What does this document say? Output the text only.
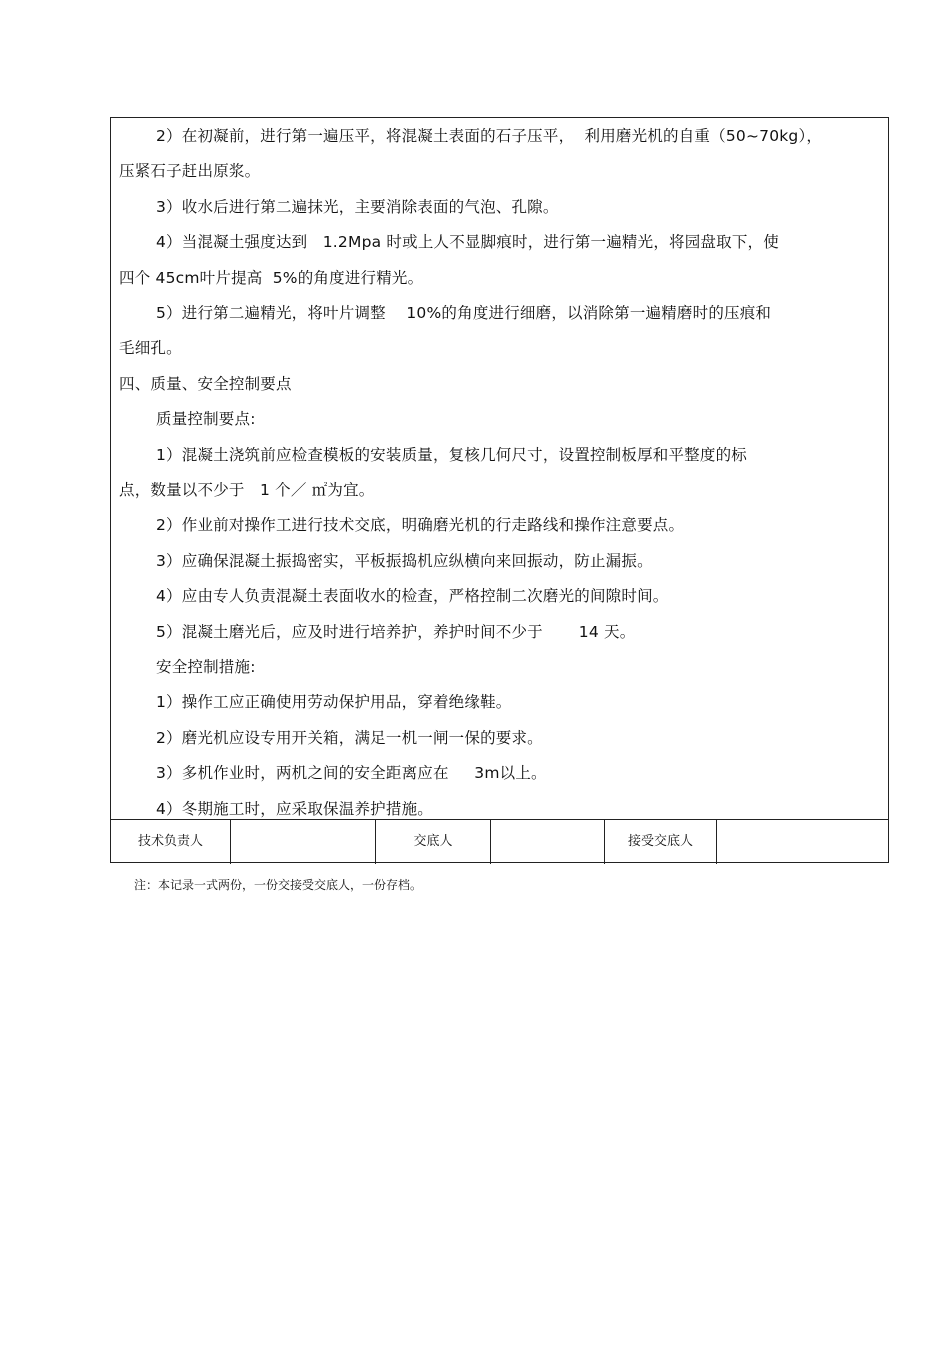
2）在初凝前，进行第一遍压平，将混凝土表面的石子压平，  利用磨光机的自重（50~70kg），
压紧石子赶出原浆。
3）收水后进行第二遍抹光，主要消除表面的气泡、孔隙。
4）当混凝土强度达到   1.2Mpa 时或上人不显脚痕时，进行第一遍精光，将园盘取下，使
四个 45cm叶片提高  5%的角度进行精光。
5）进行第二遍精光，将叶片调整    10%的角度进行细磨，以消除第一遍精磨时的压痕和
毛细孔。
四、质量、安全控制要点
质量控制要点:
1）混凝土浇筑前应检查模板的安装质量，复核几何尺寸，设置控制板厚和平整度的标
点，数量以不少于   1 个／ ㎡为宜。
2）作业前对操作工进行技术交底，明确磨光机的行走路线和操作注意要点。
3）应确保混凝土振捣密实，平板振捣机应纵横向来回振动，防止漏振。
4）应由专人负责混凝土表面收水的检查，严格控制二次磨光的间隙时间。
5）混凝土磨光后，应及时进行培养护，养护时间不少于       14 天。
安全控制措施:
1）操作工应正确使用劳动保护用品，穿着绝缘鞋。
2）磨光机应设专用开关箱，满足一机一闸一保的要求。
3）多机作业时，两机之间的安全距离应在     3m以上。
4）冬期施工时，应采取保温养护措施。
技术负责人	交底人	接受交底人
注：本记录一式两份，一份交接受交底人，一份存档。
